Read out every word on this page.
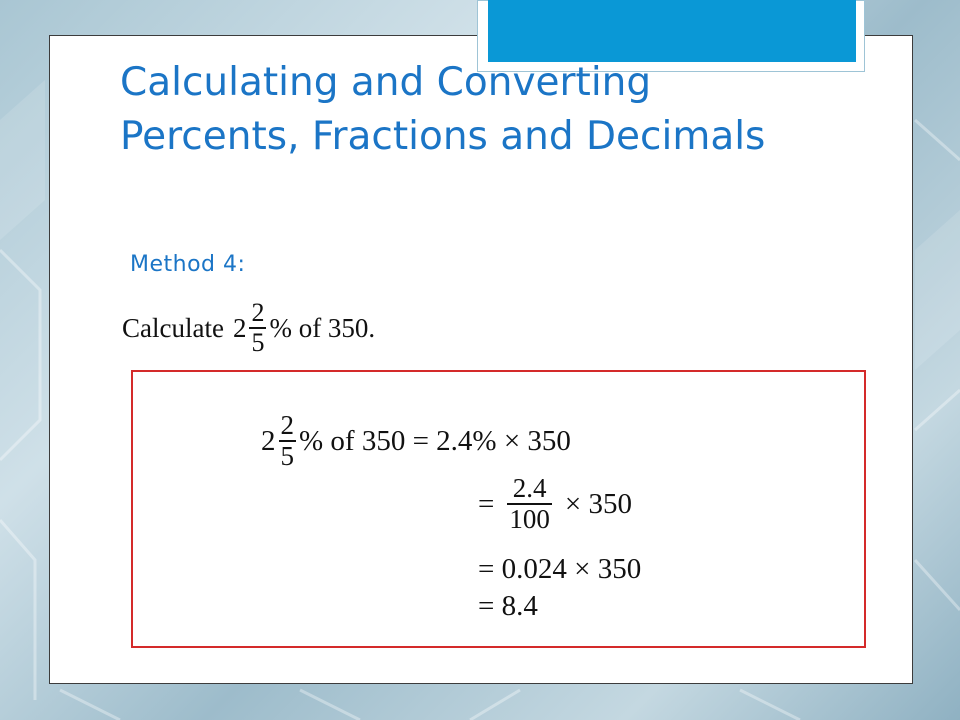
Calculating and Converting Percents, Fractions and Decimals

Method 4:

Calculate $2 \frac{2}{5}$ % of 350.
$2 \frac{2}{5}$ % of 350 = 2.4% × 350
= $\frac{2.4}{100} \times 350$
= 0.024 × 350
= 8.4
